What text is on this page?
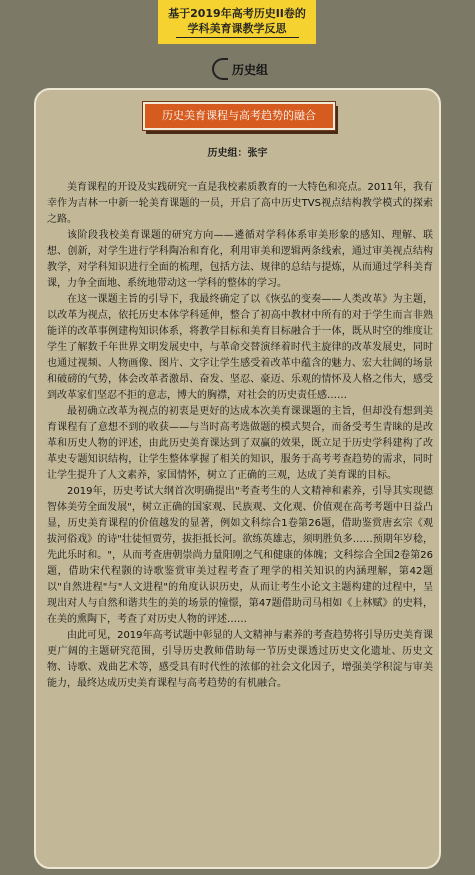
基于2019年高考历史II卷的
学科美育课教学反思
历史组
历史美育课程与高考趋势的融合
历史组：张宇

美育课程的开设及实践研究一直是我校素质教育的一大特色和亮点。2011年，我有幸作为吉林一中新一轮美育课题的一员，开启了高中历史TVS视点结构教学模式的探索之路。

该阶段我校美育课题的研究方向——遴循对学科体系审美形象的感知、理解、联想、创新，对学生进行学科陶冶和育化，利用审美和逻辑两条线索，通过审美视点结构教学，对学科知识进行全面的梳理，包括方法、规律的总结与提炼，从而通过学科美育课，力争全面地、系统地带动这一学科的整体的学习。

在这一课题主旨的引导下，我最终确定了以《恢弘的变奏——人类改革》为主题，以改革为视点，依托历史本体学科延伸，整合了初高中教材中所有的对于学生而言非熟能详的改革事例建构知识体系，将教学目标和美育目标融合于一体，既从时空的维度让学生了解数千年世界文明发展史中，与革命交替演绎着时代主旋律的改革发展史，同时也通过视频、人物画像、图片、文字让学生感受着改革中蕴含的魅力、宏大壮阔的场景和破磅的气势，体会改革者激昂、奋发、坚忍、豪迈、乐观的情怀及人格之伟大，感受到改革家们坚忍不拒的意志，博大的胸襟，对社会的历史责任感……

最初确立改革为视点的初衷是更好的达成本次美育课课题的主旨，但却没有想到美育课程有了意想不到的收获——与当时高考选做题的模式契合，而备受考生青睐的是改革和历史人物的评述，由此历史美育课达到了双赢的效果，既立足于历史学科建构了改革史专题知识结构，让学生整体掌握了相关的知识，服务于高考考查趋势的需求，同时让学生提升了人文素养，家国情怀，树立了正确的三观，达成了美育课的目标。

2019年，历史考试大纲首次明确提出"考查考生的人文精神和素养，引导其实现德智体美劳全面发展"，树立正确的国家观、民族观、文化观、价值观在高考考题中日益凸显，历史美育课程的价值越发的显著，例如文科综合1卷第26题，借助鉴赏唐玄宗《观拔河俗戏》的诗"壮徒恒贾劳，拔拒抵长河。欲练英雄志，须明胜负多……预期年岁稔，先此乐时和。"，从而考查唐朝崇尚力量阳刚之气和健康的体魄；文科综合全国2卷第26题，借助宋代程颢的诗歌鉴赏审美过程考查了理学的相关知识的内涵理解，第42题以"自然进程"与"人文进程"的角度认识历史，从而让考生小论文主题构建的过程中，呈现出对人与自然和谐共生的美的场景的憧憬，第47题借助司马相如《上林赋》的史料，在美的熏陶下，考查了对历史人物的评述……

由此可见，2019年高考试题中彰显的人文精神与素养的考查趋势将引导历史美育课更广阔的主题研究范围，引导历史教师借助每一节历史课透过历史文化遗址、历史文物、诗歌、戏曲艺术等，感受具有时代性的浓郁的社会文化因子，增强美学积淀与审美能力，最终达成历史美育课程与高考趋势的有机融合。
